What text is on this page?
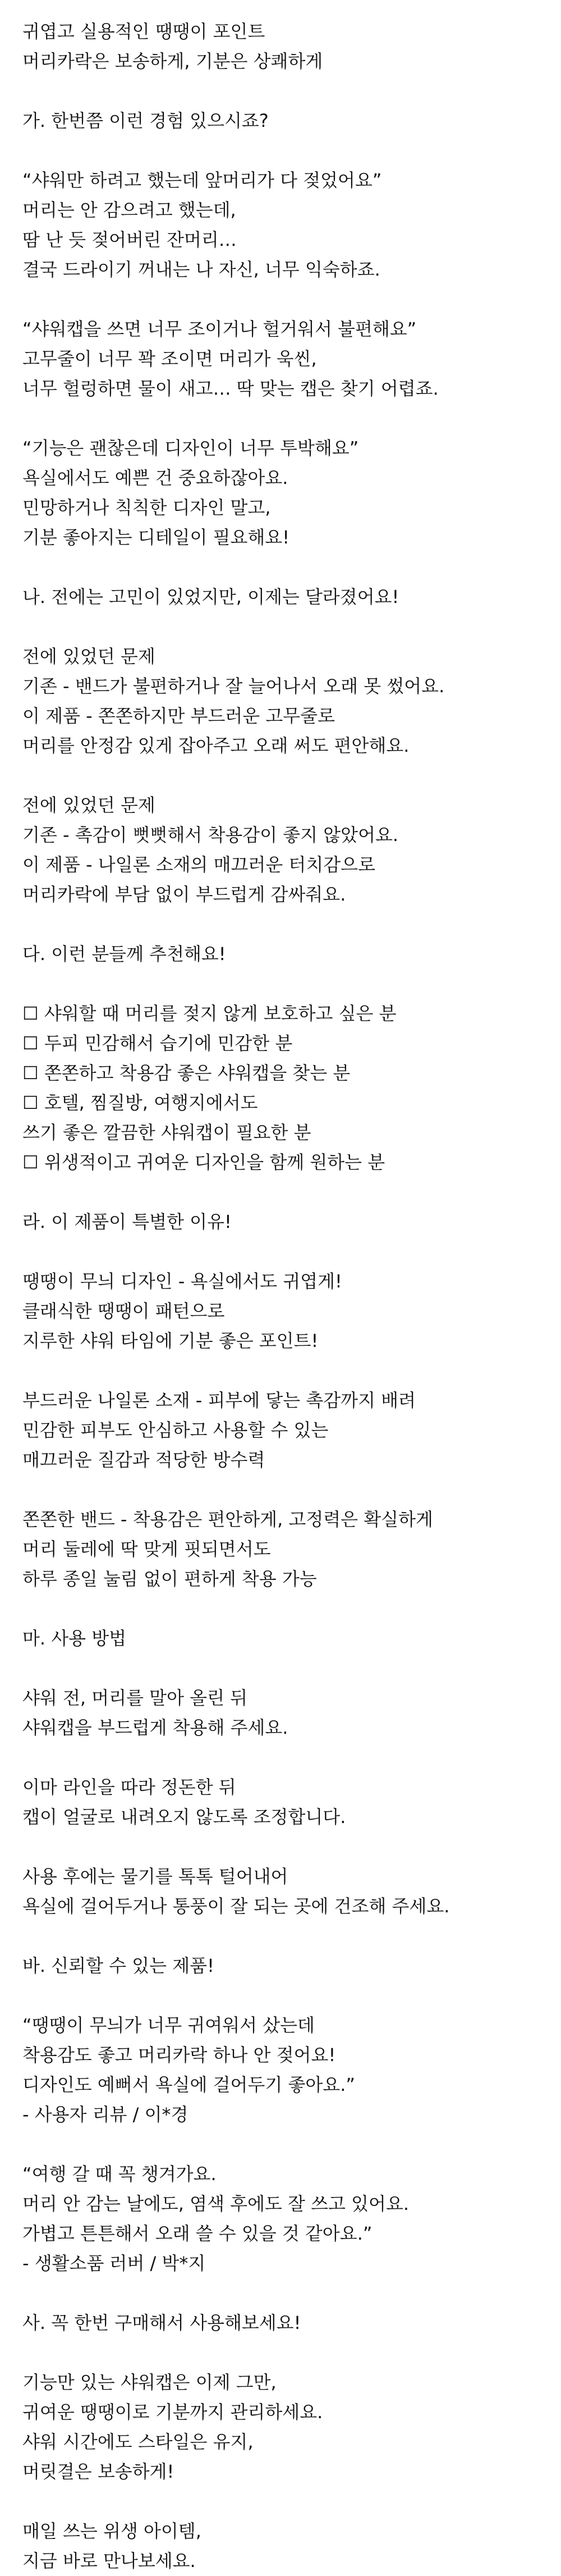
귀엽고 실용적인 땡땡이 포인트
머리카락은 보송하게, 기분은 상쾌하게
가. 한번쯤 이런 경험 있으시죠?
“샤워만 하려고 했는데 앞머리가 다 젖었어요”
머리는 안 감으려고 했는데,
땀 난 듯 젖어버린 잔머리…
결국 드라이기 꺼내는 나 자신, 너무 익숙하죠.
“샤워캡을 쓰면 너무 조이거나 헐거워서 불편해요”
고무줄이 너무 꽉 조이면 머리가 욱씬,
너무 헐렁하면 물이 새고… 딱 맞는 캡은 찾기 어렵죠.
“기능은 괜찮은데 디자인이 너무 투박해요”
욕실에서도 예쁜 건 중요하잖아요.
민망하거나 칙칙한 디자인 말고,
기분 좋아지는 디테일이 필요해요!
나. 전에는 고민이 있었지만, 이제는 달라졌어요!
전에 있었던 문제
기존 - 밴드가 불편하거나 잘 늘어나서 오래 못 썼어요.
이 제품 - 쫀쫀하지만 부드러운 고무줄로
머리를 안정감 있게 잡아주고 오래 써도 편안해요.
전에 있었던 문제
기존 - 촉감이 뻣뻣해서 착용감이 좋지 않았어요.
이 제품 - 나일론 소재의 매끄러운 터치감으로
머리카락에 부담 없이 부드럽게 감싸줘요.
다. 이런 분들께 추천해요!
☐ 샤워할 때 머리를 젖지 않게 보호하고 싶은 분
☐ 두피 민감해서 습기에 민감한 분
☐ 쫀쫀하고 착용감 좋은 샤워캡을 찾는 분
☐ 호텔, 찜질방, 여행지에서도
쓰기 좋은 깔끔한 샤워캡이 필요한 분
☐ 위생적이고 귀여운 디자인을 함께 원하는 분
라. 이 제품이 특별한 이유!
땡땡이 무늬 디자인 - 욕실에서도 귀엽게!
클래식한 땡땡이 패턴으로
지루한 샤워 타임에 기분 좋은 포인트!
부드러운 나일론 소재 - 피부에 닿는 촉감까지 배려
민감한 피부도 안심하고 사용할 수 있는
매끄러운 질감과 적당한 방수력
쫀쫀한 밴드 - 착용감은 편안하게, 고정력은 확실하게
머리 둘레에 딱 맞게 핏되면서도
하루 종일 눌림 없이 편하게 착용 가능
마. 사용 방법
샤워 전, 머리를 말아 올린 뒤
샤워캡을 부드럽게 착용해 주세요.
이마 라인을 따라 정돈한 뒤
캡이 얼굴로 내려오지 않도록 조정합니다.
사용 후에는 물기를 톡톡 털어내어
욕실에 걸어두거나 통풍이 잘 되는 곳에 건조해 주세요.
바. 신뢰할 수 있는 제품!
“땡땡이 무늬가 너무 귀여워서 샀는데
착용감도 좋고 머리카락 하나 안 젖어요!
디자인도 예뻐서 욕실에 걸어두기 좋아요.”
- 사용자 리뷰 / 이*경
“여행 갈 때 꼭 챙겨가요.
머리 안 감는 날에도, 염색 후에도 잘 쓰고 있어요.
가볍고 튼튼해서 오래 쓸 수 있을 것 같아요.”
- 생활소품 러버 / 박*지
사. 꼭 한번 구매해서 사용해보세요!
기능만 있는 샤워캡은 이제 그만,
귀여운 땡땡이로 기분까지 관리하세요.
샤워 시간에도 스타일은 유지,
머릿결은 보송하게!
매일 쓰는 위생 아이템,
지금 바로 만나보세요.
